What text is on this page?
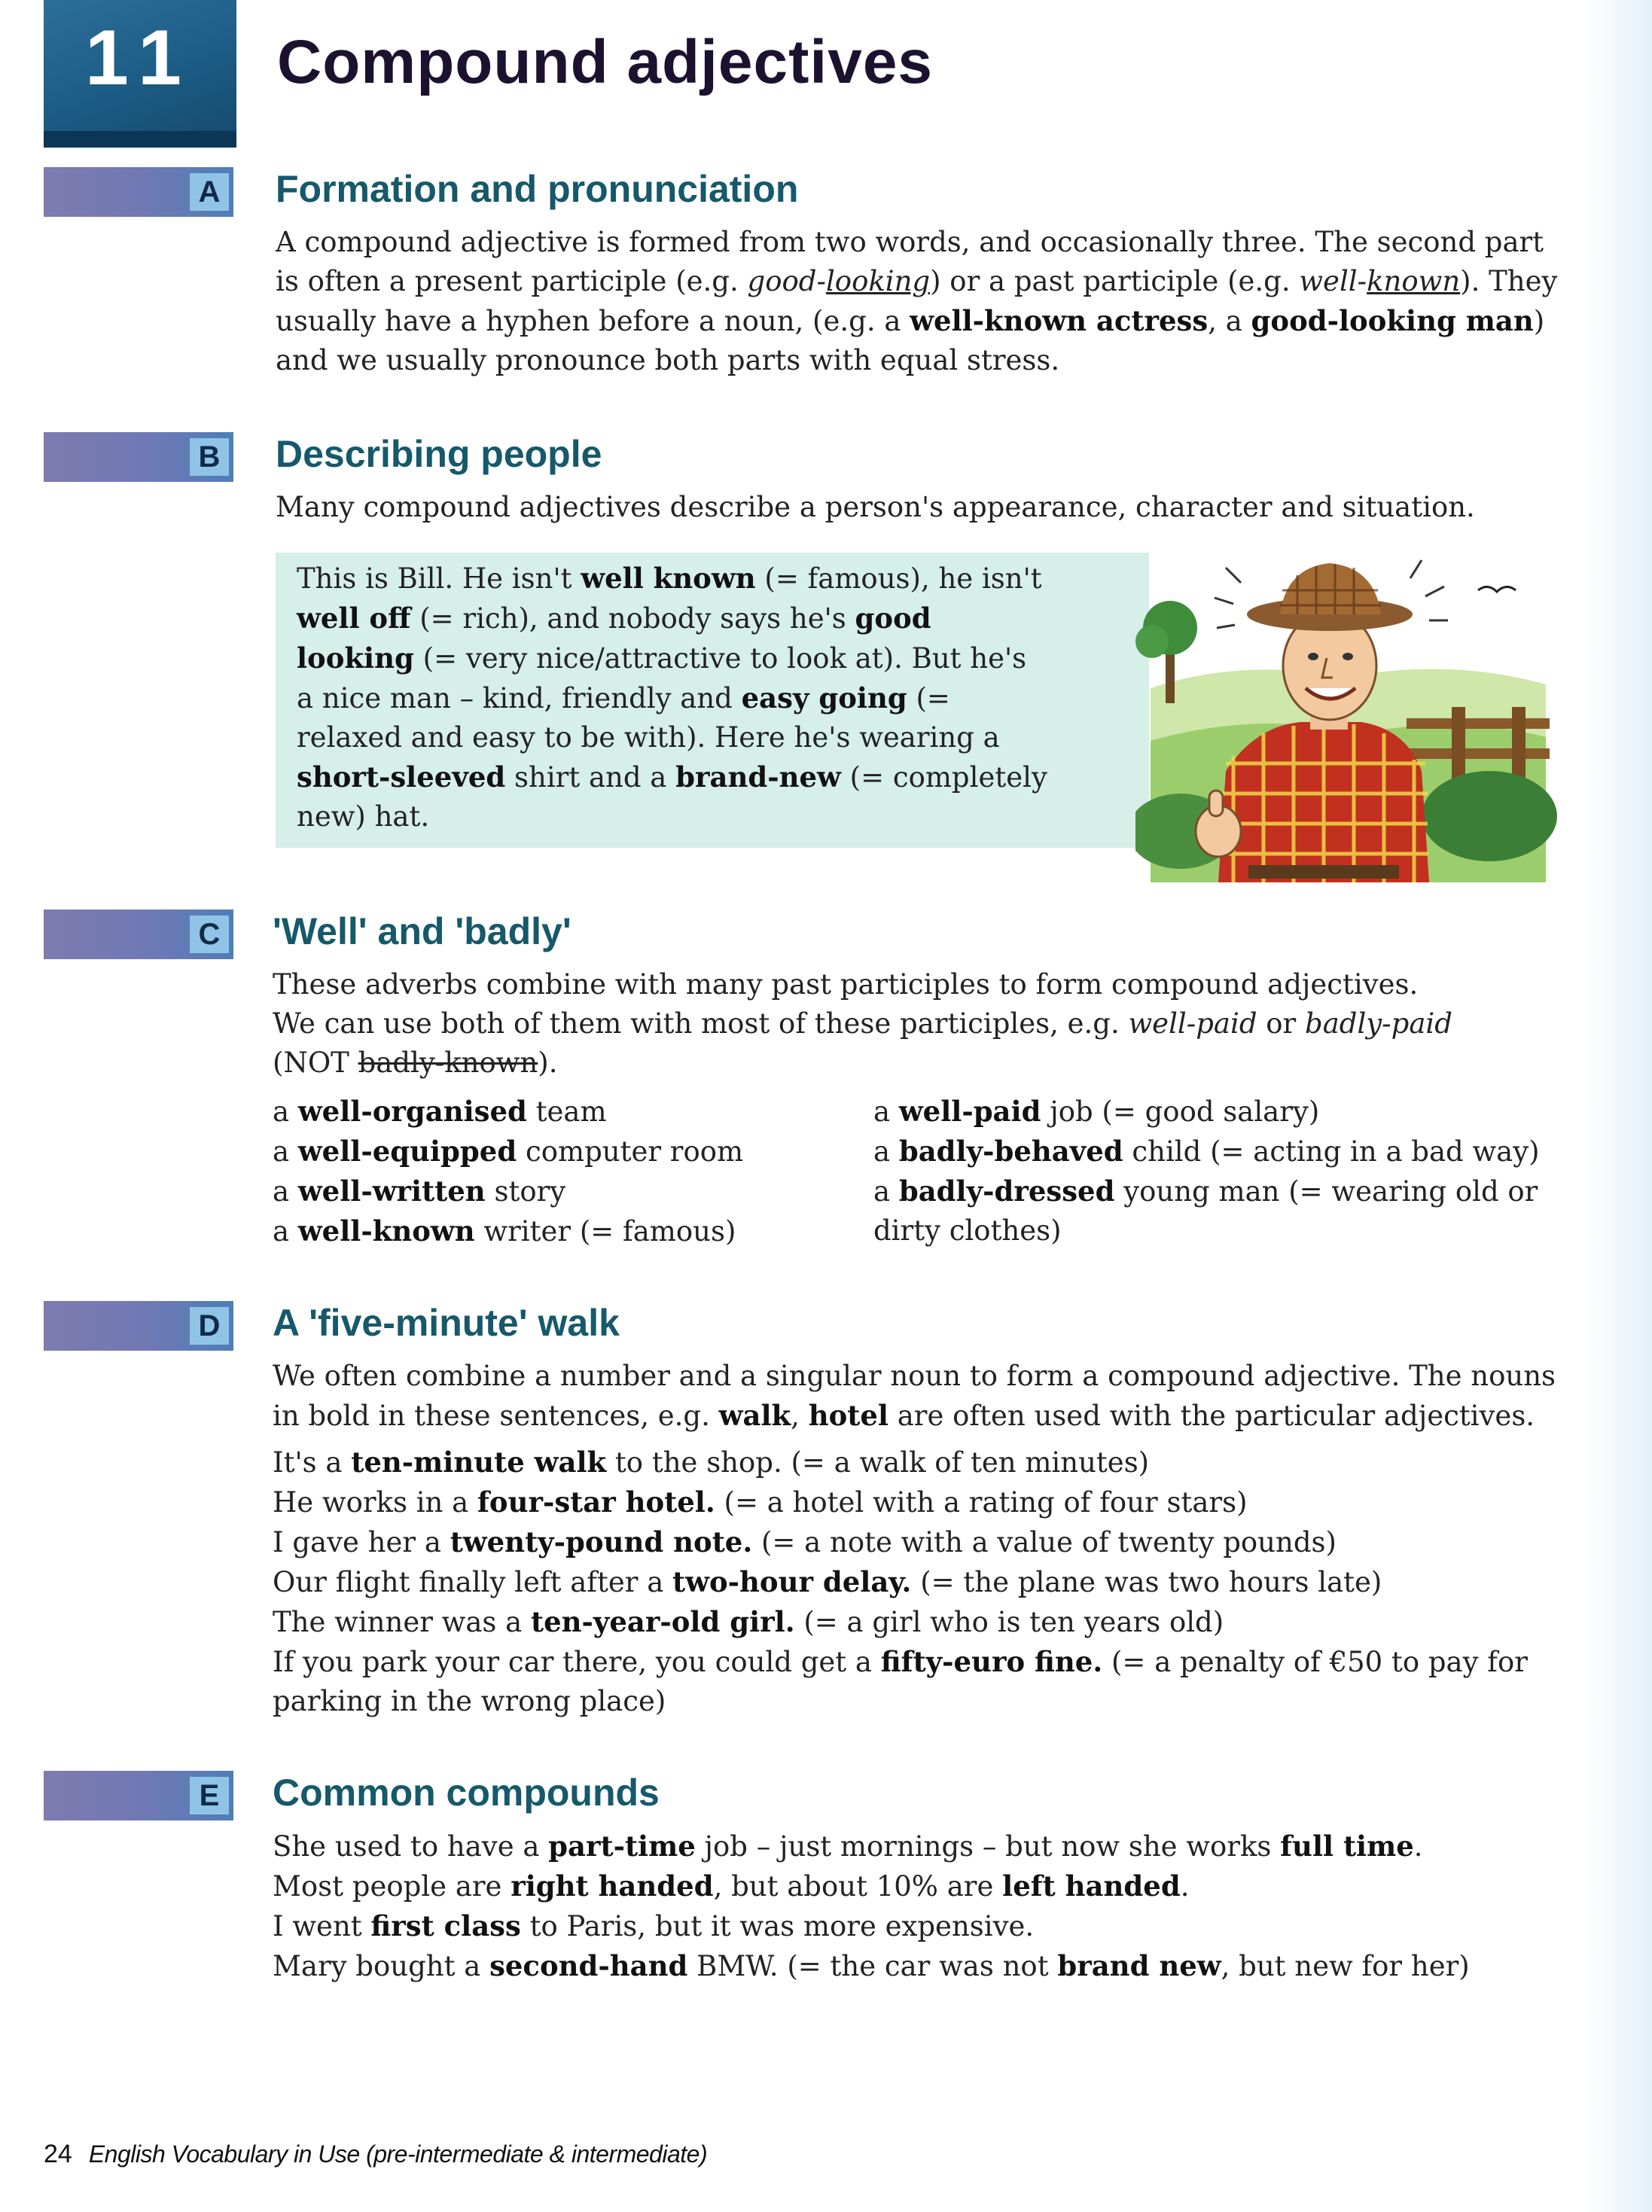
11	Compound adjectives
A Formation and pronunciation

A compound adjective is formed from two words, and occasionally three. The second part is often a present participle (e.g. good-looking) or a past participle (e.g. well-known). They usually have a hyphen before a noun, (e.g. a well-known actress, a good-looking man) and we usually pronounce both parts with equal stress.

B Describing people

Many compound adjectives describe a person's appearance, character and situation.

This is Bill. He isn't well known (= famous), he isn't well off (= rich), and nobody says he's good looking (= very nice/attractive to look at). But he's a nice man – kind, friendly and easy going (= relaxed and easy to be with). Here he's wearing a short-sleeved shirt and a brand-new (= completely new) hat.

C 'Well' and 'badly'
These adverbs combine with many past participles to form compound adjectives.
We can use both of them with most of these participles, e.g. well-paid or badly-paid
(NOT badly-known).
a well-organised team
a well-equipped computer room
a well-written story
a well-known writer (= famous)
a well-paid job (= good salary)
a badly-behaved child (= acting in a bad way)
a badly-dressed young man (= wearing old or
dirty clothes)
D A 'five-minute' walk

We often combine a number and a singular noun to form a compound adjective. The nouns in bold in these sentences, e.g. walk, hotel are often used with the particular adjectives.

It's a ten-minute walk to the shop. (= a walk of ten minutes)
He works in a four-star hotel. (= a hotel with a rating of four stars)
I gave her a twenty-pound note. (= a note with a value of twenty pounds)
Our flight finally left after a two-hour delay. (= the plane was two hours late)
The winner was a ten-year-old girl. (= a girl who is ten years old)
If you park your car there, you could get a fifty-euro fine. (= a penalty of €50 to pay for
parking in the wrong place)
E Common compounds
She used to have a part-time job – just mornings – but now she works full time.
Most people are right handed, but about 10% are left handed.
I went first class to Paris, but it was more expensive.
Mary bought a second-hand BMW. (= the car was not brand new, but new for her)

24 English Vocabulary in Use (pre-intermediate & intermediate)
